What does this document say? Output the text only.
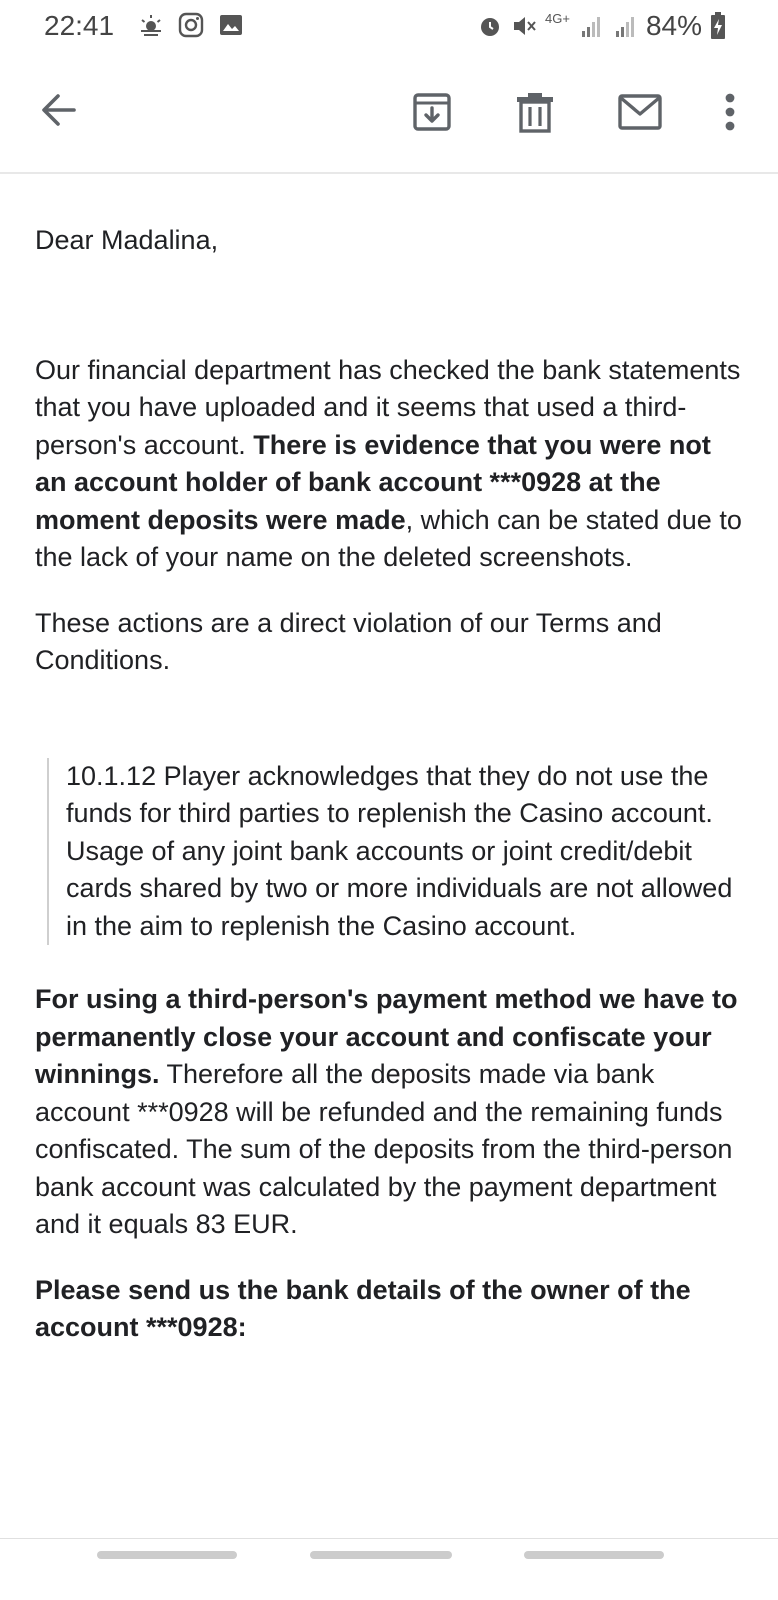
22:41	4G+	84%

Dear Madalina,

Our financial department has checked the bank statements that you have uploaded and it seems that used a third-person's account. There is evidence that you were not an account holder of bank account ***0928 at the moment deposits were made, which can be stated due to the lack of your name on the deleted screenshots.

These actions are a direct violation of our Terms and Conditions.

10.1.12 Player acknowledges that they do not use the funds for third parties to replenish the Casino account. Usage of any joint bank accounts or joint credit/debit cards shared by two or more individuals are not allowed in the aim to replenish the Casino account.

For using a third-person's payment method we have to permanently close your account and confiscate your winnings. Therefore all the deposits made via bank account ***0928 will be refunded and the remaining funds confiscated. The sum of the deposits from the third-person bank account was calculated by the payment department and it equals 83 EUR.

Please send us the bank details of the owner of the account ***0928:
